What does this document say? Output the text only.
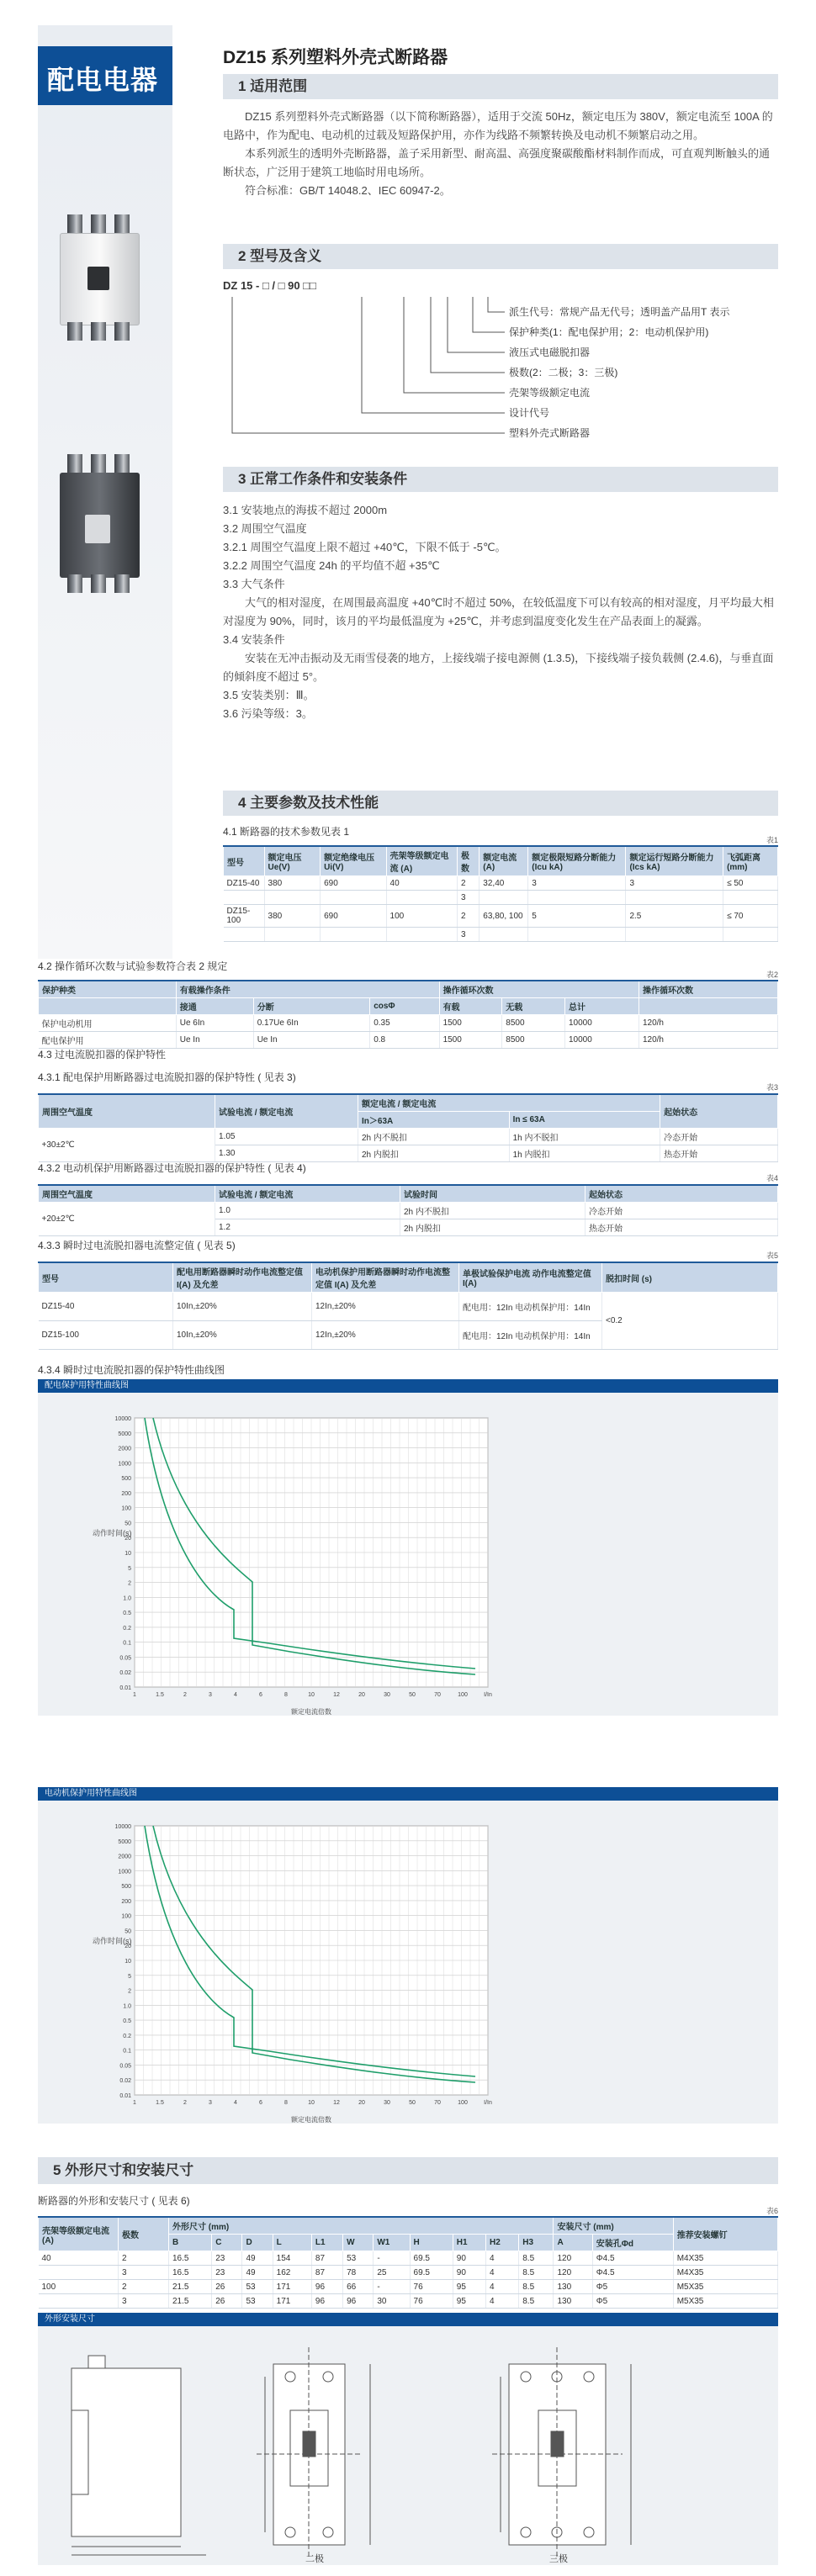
配电电器
DZ15 系列塑料外壳式断路器
1 适用范围

DZ15 系列塑料外壳式断路器（以下简称断路器），适用于交流 50Hz，额定电压为 380V，额定电流至 100A 的电路中，作为配电、电动机的过载及短路保护用，亦作为线路不频繁转换及电动机不频繁启动之用。

本系列派生的透明外壳断路器，盖子采用新型、耐高温、高强度聚碳酸酯材料制作而成，可直观判断触头的通断状态，广泛用于建筑工地临时用电场所。

符合标准：GB/T 14048.2、IEC 60947-2。

2 型号及含义
DZ 15 - □ / □ 90 □□
派生代号：常规产品无代号；透明盖产品用T 表示
保护种类(1：配电保护用；2：电动机保护用)
液压式电磁脱扣器
极数(2：二极；3：三极)
壳架等级额定电流
设计代号
塑料外壳式断路器
3 正常工作条件和安装条件

3.1 安装地点的海拔不超过 2000m

3.2 周围空气温度

3.2.1 周围空气温度上限不超过 +40℃，下限不低于 -5℃。

3.2.2 周围空气温度 24h 的平均值不超 +35℃

3.3 大气条件

大气的相对湿度，在周围最高温度 +40℃时不超过 50%，在较低温度下可以有较高的相对湿度，月平均最大相对湿度为 90%，同时，该月的平均最低温度为 +25℃，并考虑到温度变化发生在产品表面上的凝露。

3.4 安装条件

安装在无冲击振动及无雨雪侵袭的地方，上接线端子接电源侧 (1.3.5)，下接线端子接负载侧 (2.4.6)，与垂直面的倾斜度不超过 5°。

3.5 安装类别：Ⅲ。

3.6 污染等级：3。

4 主要参数及技术性能
4.1 断路器的技术参数见表 1
表1
型号	额定电压 Ue(V)	额定绝缘电压 Ui(V)	壳架等级额定电流 (A)	极数	额定电流 (A)	额定极限短路分断能力 (Icu kA)	额定运行短路分断能力 (Ics kA)	飞弧距离 (mm)
DZ15-40	380	690	40	2	32,40	3	3	≤ 50
				3				
DZ15-100	380	690	100	2	63,80, 100	5	2.5	≤ 70
				3				
4.2 操作循环次数与试验参数符合表 2 规定
表2
保护种类	有载操作条件			操作循环次数			操作循环次数
	接通	分断	cosΦ	有载	无载	总计	
保护电动机用	Ue 6In	0.17Ue 6In	0.35	1500	8500	10000	120/h
配电保护用	Ue In	Ue In	0.8	1500	8500	10000	120/h
4.3 过电流脱扣器的保护特性
4.3.1 配电保护用断路器过电流脱扣器的保护特性 ( 见表 3)
表3
周围空气温度	试验电流 / 额定电流	额定电流 / 额定电流		起始状态
		In＞63A	In ≤ 63A	
+30±2℃	1.05	2h 内不脱扣	1h 内不脱扣	冷态开始
	1.30	2h 内脱扣	1h 内脱扣	热态开始
4.3.2 电动机保护用断路器过电流脱扣器的保护特性 ( 见表 4)
表4
周围空气温度	试验电流 / 额定电流	试验时间	起始状态
+20±2℃	1.0	2h 内不脱扣	冷态开始
	1.2	2h 内脱扣	热态开始
4.3.3 瞬时过电流脱扣器电流整定值 ( 见表 5)
表5
型号	配电用断路器瞬时动作电流整定值 I(A) 及允差	电动机保护用断路器瞬时动作电流整定值 I(A) 及允差	单极试验保护电流 动作电流整定值 I(A)	脱扣时间 (s)
DZ15-40	10In,±20%	12In,±20%	配电用：12In 电动机保护用：14In	<0.2
DZ15-100	10In,±20%	12In,±20%	配电用：12In 电动机保护用：14In	
4.3.4 瞬时过电流脱扣器的保护特性曲线图
配电保护用特性曲线图
10000
5000
2000
1000
500
200
100
50
20
10
5
2
1.0
0.5
0.2
0.1
0.05
0.02
0.01
1	1.5	2	3	4	6	8	10	12	20	30	50	70	100	I/In
动作时间(s)
额定电流倍数
电动机保护用特性曲线图
10000
5000
2000
1000
500
200
100
50
20
10
5
2
1.0
0.5
0.2
0.1
0.05
0.02
0.01
1	1.5	2	3	4	6	8	10	12	20	30	50	70	100	I/In
动作时间(s)
额定电流倍数
5 外形尺寸和安装尺寸
断路器的外形和安装尺寸 ( 见表 6)
表6
壳架等级额定电流 (A)	极数	外形尺寸 (mm)											安装尺寸 (mm)		推荐安装螺钉
		B	C	D	L	L1	W	W1	H	H1	H2	H3	A	安装孔Φd	
40	2	16.5	23	49	154	87	53	-	69.5	90	4	8.5	120	Φ4.5	M4X35
	3	16.5	23	49	162	87	78	25	69.5	90	4	8.5	120	Φ4.5	M4X35
100	2	21.5	26	53	171	96	66	-	76	95	4	8.5	130	Φ5	M5X35
	3	21.5	26	53	171	96	96	30	76	95	4	8.5	130	Φ5	M5X35
外形安装尺寸
二极	三极
